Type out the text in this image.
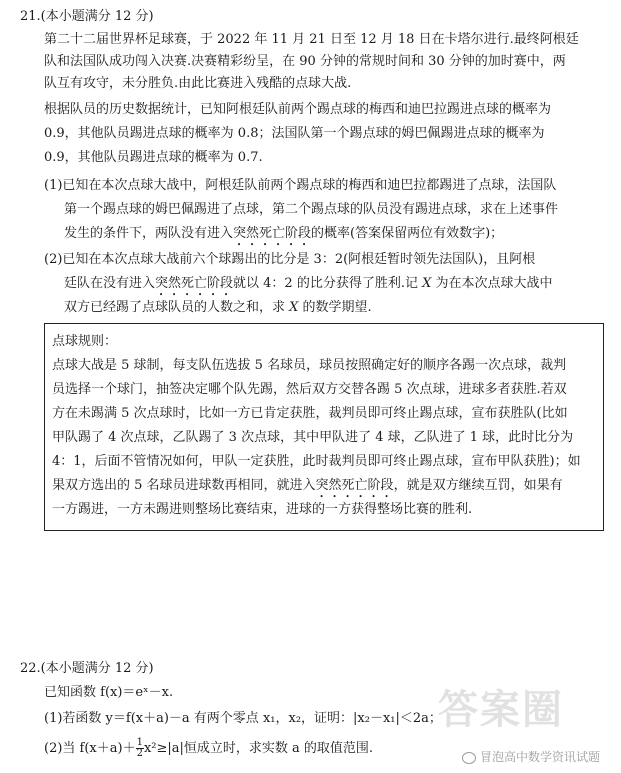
21.(本小题满分 12 分)
第二十二届世界杯足球赛，于 2022 年 11 月 21 日至 12 月 18 日在卡塔尔进行.最终阿根廷
队和法国队成功闯入决赛.决赛精彩纷呈，在 90 分钟的常规时间和 30 分钟的加时赛中，两
队互有攻守，未分胜负.由此比赛进入残酷的点球大战.
根据队员的历史数据统计，已知阿根廷队前两个踢点球的梅西和迪巴拉踢进点球的概率为
0.9，其他队员踢进点球的概率为 0.8；法国队第一个踢点球的姆巴佩踢进点球的概率为
0.9，其他队员踢进点球的概率为 0.7.
(1)已知在本次点球大战中，阿根廷队前两个踢点球的梅西和迪巴拉都踢进了点球，法国队
第一个踢点球的姆巴佩踢进了点球，第二个踢点球的队员没有踢进点球，求在上述事件
发生的条件下，两队没有进入突然死亡阶段的概率(答案保留两位有效数字)；
(2)已知在本次点球大战前六个球踢出的比分是 3：2(阿根廷暂时领先法国队)，且阿根
廷队在没有进入突然死亡阶段就以 4：2 的比分获得了胜利.记 X 为在本次点球大战中
双方已经踢了点球队员的人数之和，求 X 的数学期望.
点球规则：
点球大战是 5 球制，每支队伍选拔 5 名球员，球员按照确定好的顺序各踢一次点球，裁判
员选择一个球门，抽签决定哪个队先踢，然后双方交替各踢 5 次点球，进球多者获胜.若双
方在未踢满 5 次点球时，比如一方已肯定获胜，裁判员即可终止踢点球，宣布获胜队(比如
甲队踢了 4 次点球，乙队踢了 3 次点球，其中甲队进了 4 球，乙队进了 1 球，此时比分为
4：1，后面不管情况如何，甲队一定获胜，此时裁判员即可终止踢点球，宣布甲队获胜)；如
果双方选出的 5 名球员进球数再相同，就进入突然死亡阶段，就是双方继续互罚，如果有
一方踢进，一方未踢进则整场比赛结束，进球的一方获得整场比赛的胜利.
22.(本小题满分 12 分)
已知函数 f(x)＝eˣ－x.
(1)若函数 y＝f(x＋a)－a 有两个零点 x₁，x₂，证明：|x₂－x₁|＜2a；
(2)当 $f(x+a)+ \frac{1}{2} x^2\ge|a|$恒成立时，求实数 a 的取值范围.
答案圈
冒泡高中数学资讯试题
